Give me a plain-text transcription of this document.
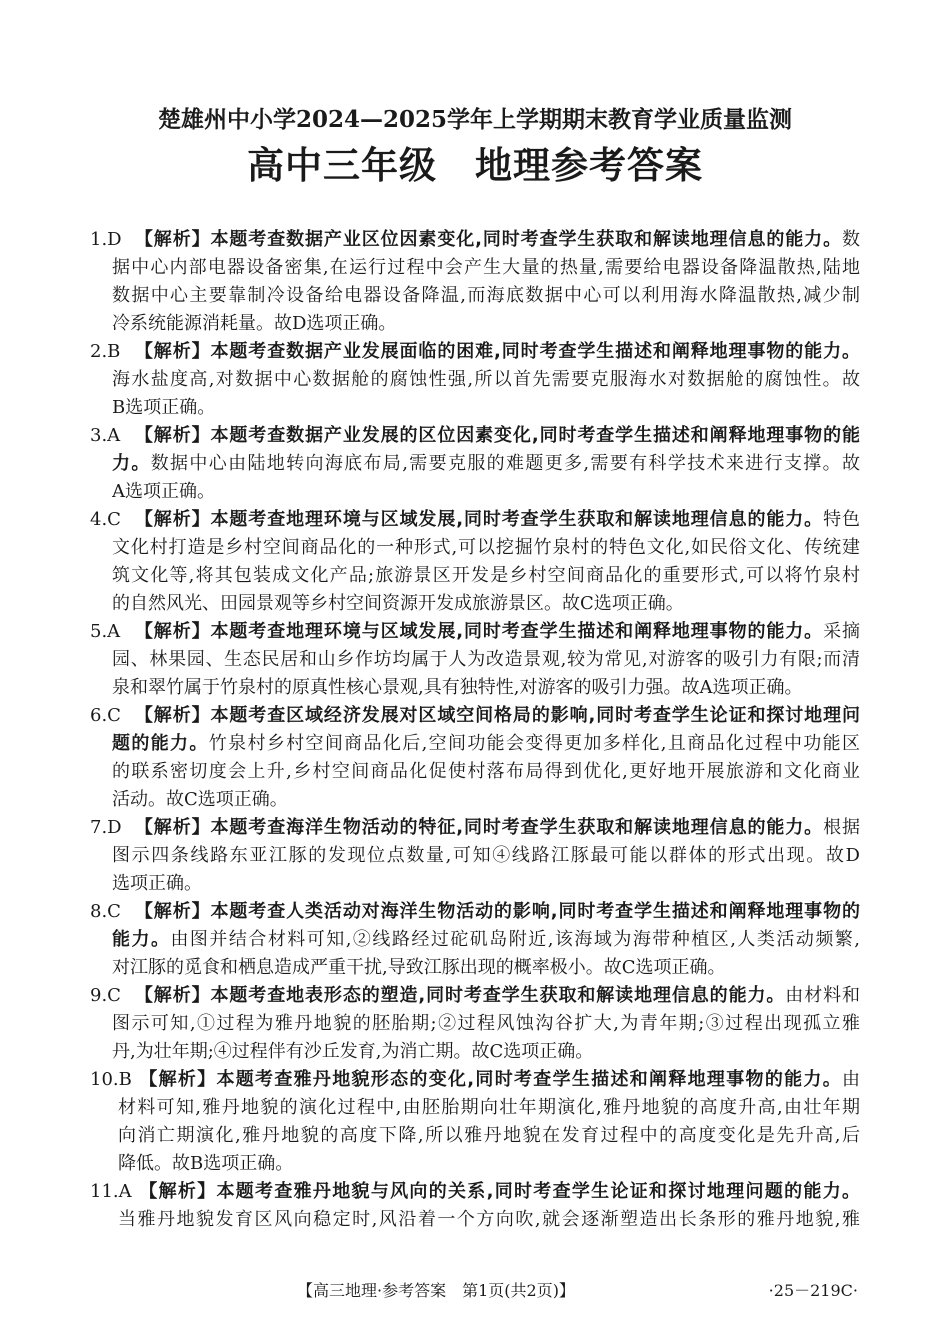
楚雄州中小学2024—2025学年上学期期末教育学业质量监测
高中三年级　地理参考答案
1.D 【解析】本题考查数据产业区位因素变化,同时考查学生获取和解读地理信息的能力。数
据中心内部电器设备密集,在运行过程中会产生大量的热量,需要给电器设备降温散热,陆地
数据中心主要靠制冷设备给电器设备降温,而海底数据中心可以利用海水降温散热,减少制
冷系统能源消耗量。故D选项正确。
2.B 【解析】本题考查数据产业发展面临的困难,同时考查学生描述和阐释地理事物的能力。
海水盐度高,对数据中心数据舱的腐蚀性强,所以首先需要克服海水对数据舱的腐蚀性。故
B选项正确。
3.A 【解析】本题考查数据产业发展的区位因素变化,同时考查学生描述和阐释地理事物的能
力。数据中心由陆地转向海底布局,需要克服的难题更多,需要有科学技术来进行支撑。故
A选项正确。
4.C 【解析】本题考查地理环境与区域发展,同时考查学生获取和解读地理信息的能力。特色
文化村打造是乡村空间商品化的一种形式,可以挖掘竹泉村的特色文化,如民俗文化、传统建
筑文化等,将其包装成文化产品;旅游景区开发是乡村空间商品化的重要形式,可以将竹泉村
的自然风光、田园景观等乡村空间资源开发成旅游景区。故C选项正确。
5.A 【解析】本题考查地理环境与区域发展,同时考查学生描述和阐释地理事物的能力。采摘
园、林果园、生态民居和山乡作坊均属于人为改造景观,较为常见,对游客的吸引力有限;而清
泉和翠竹属于竹泉村的原真性核心景观,具有独特性,对游客的吸引力强。故A选项正确。
6.C 【解析】本题考查区域经济发展对区域空间格局的影响,同时考查学生论证和探讨地理问
题的能力。竹泉村乡村空间商品化后,空间功能会变得更加多样化,且商品化过程中功能区
的联系密切度会上升,乡村空间商品化促使村落布局得到优化,更好地开展旅游和文化商业
活动。故C选项正确。
7.D 【解析】本题考查海洋生物活动的特征,同时考查学生获取和解读地理信息的能力。根据
图示四条线路东亚江豚的发现位点数量,可知④线路江豚最可能以群体的形式出现。故D
选项正确。
8.C 【解析】本题考查人类活动对海洋生物活动的影响,同时考查学生描述和阐释地理事物的
能力。由图并结合材料可知,②线路经过砣矶岛附近,该海域为海带种植区,人类活动频繁,
对江豚的觅食和栖息造成严重干扰,导致江豚出现的概率极小。故C选项正确。
9.C 【解析】本题考查地表形态的塑造,同时考查学生获取和解读地理信息的能力。由材料和
图示可知,①过程为雅丹地貌的胚胎期;②过程风蚀沟谷扩大,为青年期;③过程出现孤立雅
丹,为壮年期;④过程伴有沙丘发育,为消亡期。故C选项正确。
10.B 【解析】本题考查雅丹地貌形态的变化,同时考查学生描述和阐释地理事物的能力。由
材料可知,雅丹地貌的演化过程中,由胚胎期向壮年期演化,雅丹地貌的高度升高,由壮年期
向消亡期演化,雅丹地貌的高度下降,所以雅丹地貌在发育过程中的高度变化是先升高,后
降低。故B选项正确。
11.A 【解析】本题考查雅丹地貌与风向的关系,同时考查学生论证和探讨地理问题的能力。
当雅丹地貌发育区风向稳定时,风沿着一个方向吹,就会逐渐塑造出长条形的雅丹地貌,雅
【高三地理·参考答案　第1页(共2页)】	·25－219C·
